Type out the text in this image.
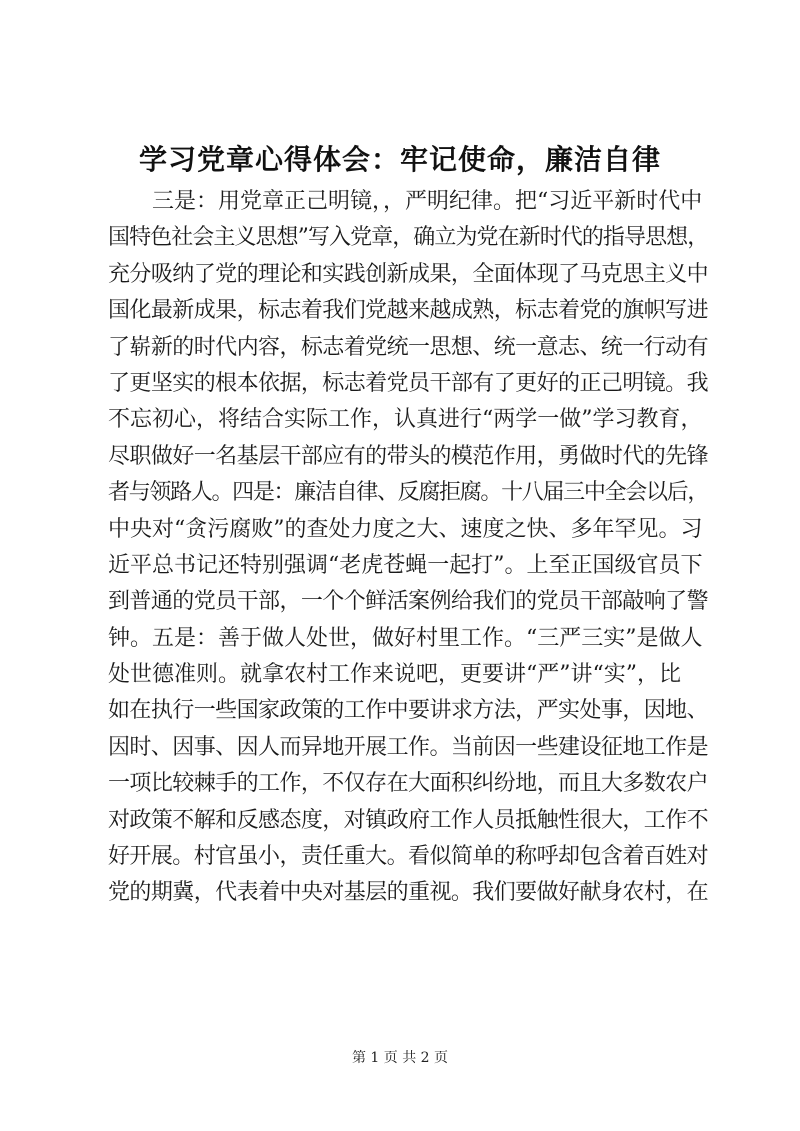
学习党章心得体会：牢记使命，廉洁自律
　　三是：用党章正己明镜，，严明纪律。把“习近平新时代中
国特色社会主义思想”写入党章，确立为党在新时代的指导思想，
充分吸纳了党的理论和实践创新成果，全面体现了马克思主义中
国化最新成果，标志着我们党越来越成熟，标志着党的旗帜写进
了崭新的时代内容，标志着党统一思想、统一意志、统一行动有
了更坚实的根本依据，标志着党员干部有了更好的正己明镜。我
不忘初心，将结合实际工作，认真进行“两学一做”学习教育，
尽职做好一名基层干部应有的带头的模范作用，勇做时代的先锋
者与领路人。四是：廉洁自律、反腐拒腐。十八届三中全会以后，
中央对“贪污腐败”的查处力度之大、速度之快、多年罕见。习
近平总书记还特别强调“老虎苍蝇一起打”。上至正国级官员下
到普通的党员干部，一个个鲜活案例给我们的党员干部敲响了警
钟。五是：善于做人处世，做好村里工作。“三严三实”是做人
处世德准则。就拿农村工作来说吧，更要讲“严”讲“实”，比
如在执行一些国家政策的工作中要讲求方法，严实处事，因地、
因时、因事、因人而异地开展工作。当前因一些建设征地工作是
一项比较棘手的工作，不仅存在大面积纠纷地，而且大多数农户
对政策不解和反感态度，对镇政府工作人员抵触性很大，工作不
好开展。村官虽小，责任重大。看似简单的称呼却包含着百姓对
党的期冀，代表着中央对基层的重视。我们要做好献身农村，在
第 1 页 共 2 页
